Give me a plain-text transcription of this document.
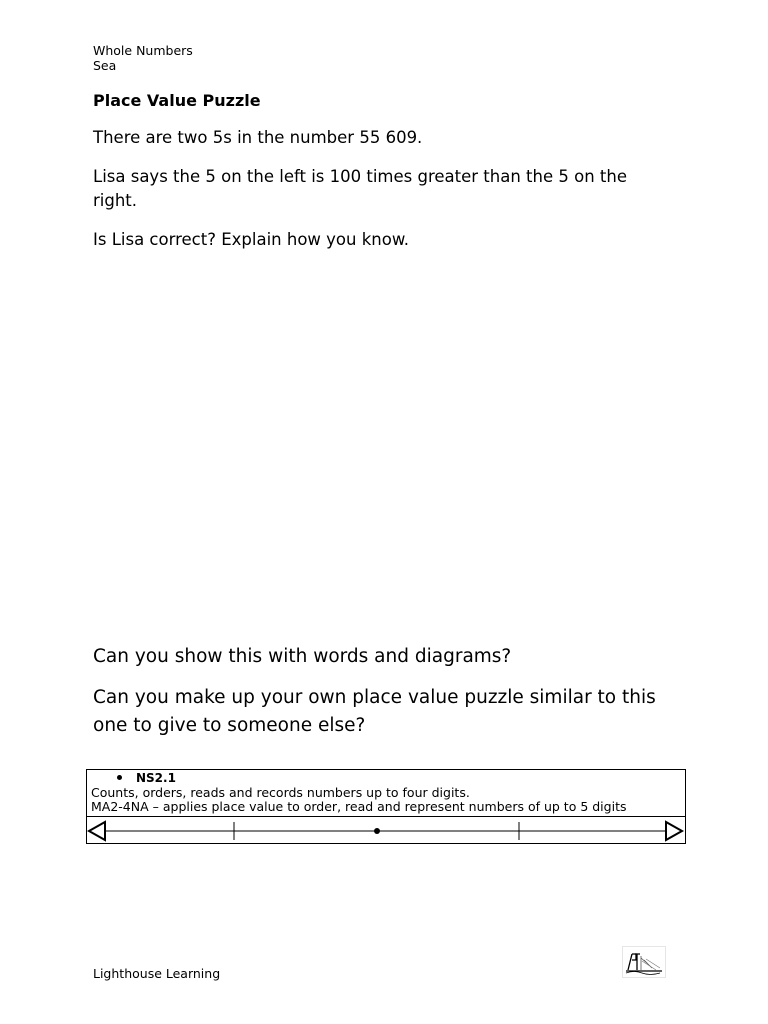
Whole Numbers
Sea
Place Value Puzzle
There are two 5s in the number 55 609.
Lisa says the 5 on the left is 100 times greater than the 5 on the
right.
Is Lisa correct? Explain how you know.
Can you show this with words and diagrams?
Can you make up your own place value puzzle similar to this
one to give to someone else?
NS2.1
Counts, orders, reads and records numbers up to four digits.
MA2-4NA – applies place value to order, read and represent numbers of up to 5 digits
Lighthouse Learning
